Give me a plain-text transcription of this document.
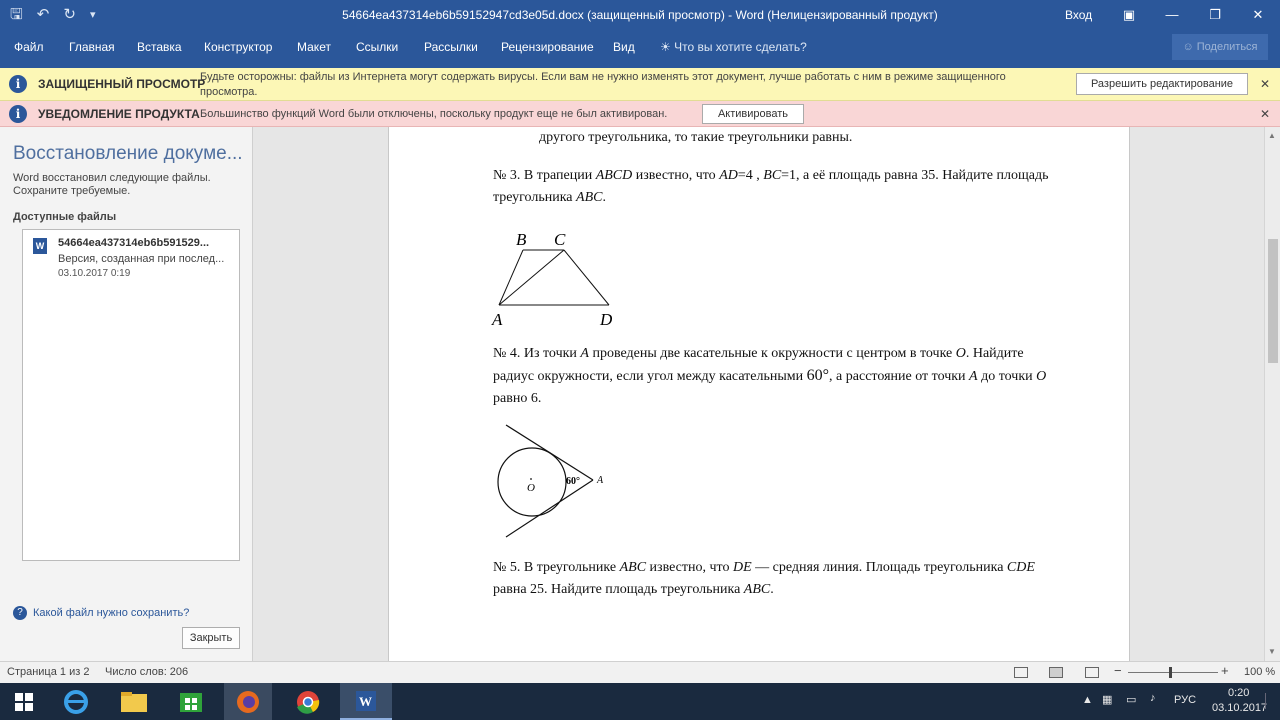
🖫 ↶ ↻ ▾	54664ea437314eb6b59152947cd3e05d.docx (защищенный просмотр) - Word (Нелицензированный продукт)	Вход	▣	—	❐	✕
Файл Главная Вставка Конструктор Макет Ссылки Рассылки Рецензирование Вид ☀ Что вы хотите сделать?	☺ Поделиться
i	ЗАЩИЩЕННЫЙ ПРОСМОТР
Будьте осторожны: файлы из Интернета могут содержать вирусы. Если вам не нужно изменять этот документ, лучше работать с ним в режиме защищенного просмотра.
Разрешить редактирование	✕
i	УВЕДОМЛЕНИЕ ПРОДУКТА Большинство функций Word были отключены, поскольку продукт еще не был активирован.	Активировать	✕
Восстановление докуме...
Word восстановил следующие файлы. Сохраните требуемые.
Доступные файлы
W 54664ea437314eb6b591529...
Версия, созданная при послед...
03.10.2017 0:19
? Какой файл нужно сохранить?
Закрыть
другого треугольника, то такие треугольники равны.
№ 3. В трапеции ABCD известно, что AD=4 , BC=1, а её площадь равна 35. Найдите площадь треугольника ABC.
B C
A	D
№ 4. Из точки A проведены две касательные к окружности с центром в точке O. Найдите радиус окружности, если угол между касательными 60°, а расстояние от точки A до точки O равно 6.
O
60° A
№ 5. В треугольнике ABC известно, что DE — средняя линия. Площадь треугольника CDE равна 25. Найдите площадь треугольника ABC.
▲
▼
Страница 1 из 2 Число слов: 206	−	+ 100 %
W	▲ ▦ ▭ ♪ РУС
0:20
03.10.2017
